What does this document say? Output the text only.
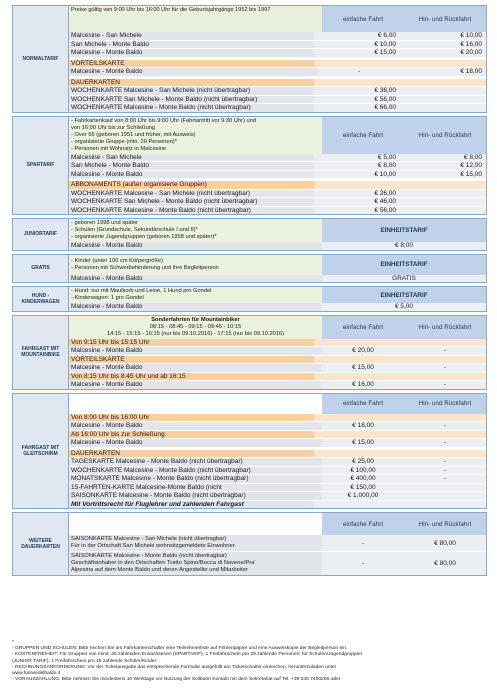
NORMALTARIF
Preise gültig von 9:00 Uhr bis 16:00 Uhr für die Geburtsjahrgänge 1952 bis 1997
einfache Fahrt	Hin- und Rückfahrt
Malcesine - San Michele	€ 6,00	€ 10,00
San Michele - Monte Baldo	€ 10,00	€ 16,00
Malcesine - Monte Baldo	€ 15,00	€ 20,00
VORTEILSKARTE
Malcesine - Monte Baldo	-	€ 18,00
DAUERKARTEN
WOCHENKARTE Malcesine - San Michele (nicht übertragbar)	€ 36,00
WOCHENKARTE San Michele - Monte Baldo (nicht übertragbar)	€ 56,00
WOCHENKARTE Malcesine - Monte Baldo (nicht übertragbar)	€ 66,00
SPARTARIF
- Fahrkartenkauf von 8:00 Uhr bis 9:00 Uhr (Fahrtantritt vor 9:30 Uhr) und
von 16:00 Uhr bis zur Schließung
- Over 65 (geboren 1951 und früher, mit Ausweis)
- organisierte Gruppe (min. 20 Personen)*
- Personen mit Wohnsitz in Malcesine
einfache Fahrt	Hin- und Rückfahrt
Malcesine - San Michele	€ 5,00	€ 8,00
San Michele - Monte Baldo	€ 8,00	€ 12,00
Malcesine - Monte Baldo	€ 10,00	€ 15,00
ABBONAMENTS (außer organisierte Gruppen)
WOCHENKARTE Malcesine - San Michele (nicht übertragbar)	€ 26,00
WOCHENKARTE San Michele - Monte Baldo (nicht übertragbar)	€ 46,00
WOCHENKARTE Malcesine - Monte Baldo (nicht übertragbar)	€ 56,00
JUNIORTARIF
- geboren 1998 und später
- Schulen (Grundschule, Sekundärschule I und II)*
- organisierte Jugendgruppen (geboren 1998 und später)*
EINHEITSTARIF
Malcesine - Monte Baldo	€ 8,00
GRATIS
- Kinder (unter 100 cm Körpergröße)
- Personen mit Schwerbehinderung und ihre Begleitperson	EINHEITSTARIF
Malcesine - Monte Baldo	GRATIS
HUND - KINDERWAGEN
- Hund: nur mit Maulkorb und Leine, 1 Hund pro Gondel
- Kinderwagen: 1 pro Gondel	EINHEITSTARIF
Malcesine - Monte Baldo	€ 5,00
FAHRGAST MIT MOUNTAINBIKE
Sonderfahrten für Mountainbiker
08:15 - 08:45 - 09:15 - 09:45 - 10:15
14:15 - 15:15 - 16:15 (nur bis 09.10.2016) - 17:15 (nur bis 09.10.2016)
einfache Fahrt	Hin- und Rückfahrt
Von 9:15 Uhr bis 15:15 Uhr
Malcesine - Monte Baldo	€ 20,00	-
VORTEILSKARTE
Malcesine - Monte Baldo	€ 15,00	-
Von 8:15 Uhr bis 8:45 Uhr und ab 16:15
Malcesine - Monte Baldo	€ 16,00	-
FAHRGAST MIT GLEITSCHIRM
einfache Fahrt	Hin- und Rückfahrt
Von 8:00 Uhr bis 16:00 Uhr
Malcesine - Monte Baldo	€ 18,00	-
Ab 16:00 Uhr bis zur Schließung
Malcesine - Monte Baldo	€ 15,00	-
DAUERKARTEN
TAGESKARTE Malcesine - Monte Baldo (nicht übertragbar)	€ 25,00	-
WOCHENKARTE Malcesine - Monte Baldo (nicht übertragbar)	€ 100,00	-
MONATSKARTE Malcesine - Monte Baldo (nicht übertragbar)	€ 400,00	-
15-FAHRTEN-KARTE Malcesine-Monte Baldo (nicht	€ 150,00
SAISONKARTE Malcesine - Monte Baldo (nicht übertragbar)	€ 1.000,00
Mit Vortrittsrecht für Fluglehrer und zahlenden Fahrgast
WEITERE DAUERKARTEN
einfache Fahrt	Hin- und Rückfahrt
SAISONKARTE Malcesine - San Michele (nicht übertragbar)
Für in der Ortschaft San Michele wohnsitzgemeldete Einwohner.	-	€ 80,00
SAISONKARTE Malcesine - Monte Baldo (nicht übertragbar)
Geschäftsinhaber in den Ortschaften Tratto Spino/Bocca di Navene/Pra'
Alpesina auf dem Monte Baldo und deren Angestellte und Mitarbeiter
-	€ 80,00
*
- GRUPPEN UND SCHULEN: Bitte reichen Sie am Fahrkartenschalter eine Teilnehmerliste auf Firmenpapier und eine Ausweiskopie der Begleitperson ein.
- KOSTENFREIHEIT: Für Gruppen von mind. 20 zahlenden Erwachsenen (SPARTARIF), 1 Freifahrschein pro 20 zahlende Personen; für Schulen/Jugendgruppen
(JUNIOR TARIF), 1 Freifahrschein pro 15 zahlende Schüler/Kinder.
- RECHNUNGSANFORDERUNG: Vor der Ticketausgabe das entsprechende Formular ausgefüllt am Ticketschalter einreichen, herunterzuladen unter
www.funiviedelbaldo.it
- VORAUSZAHLUNG: Bitte nehmen Sie mindestens 10 Werktage vor Nutzung der Seilbahn Kontakt mit dem Sekretariat auf Tel. +39 045 7400206 oder
